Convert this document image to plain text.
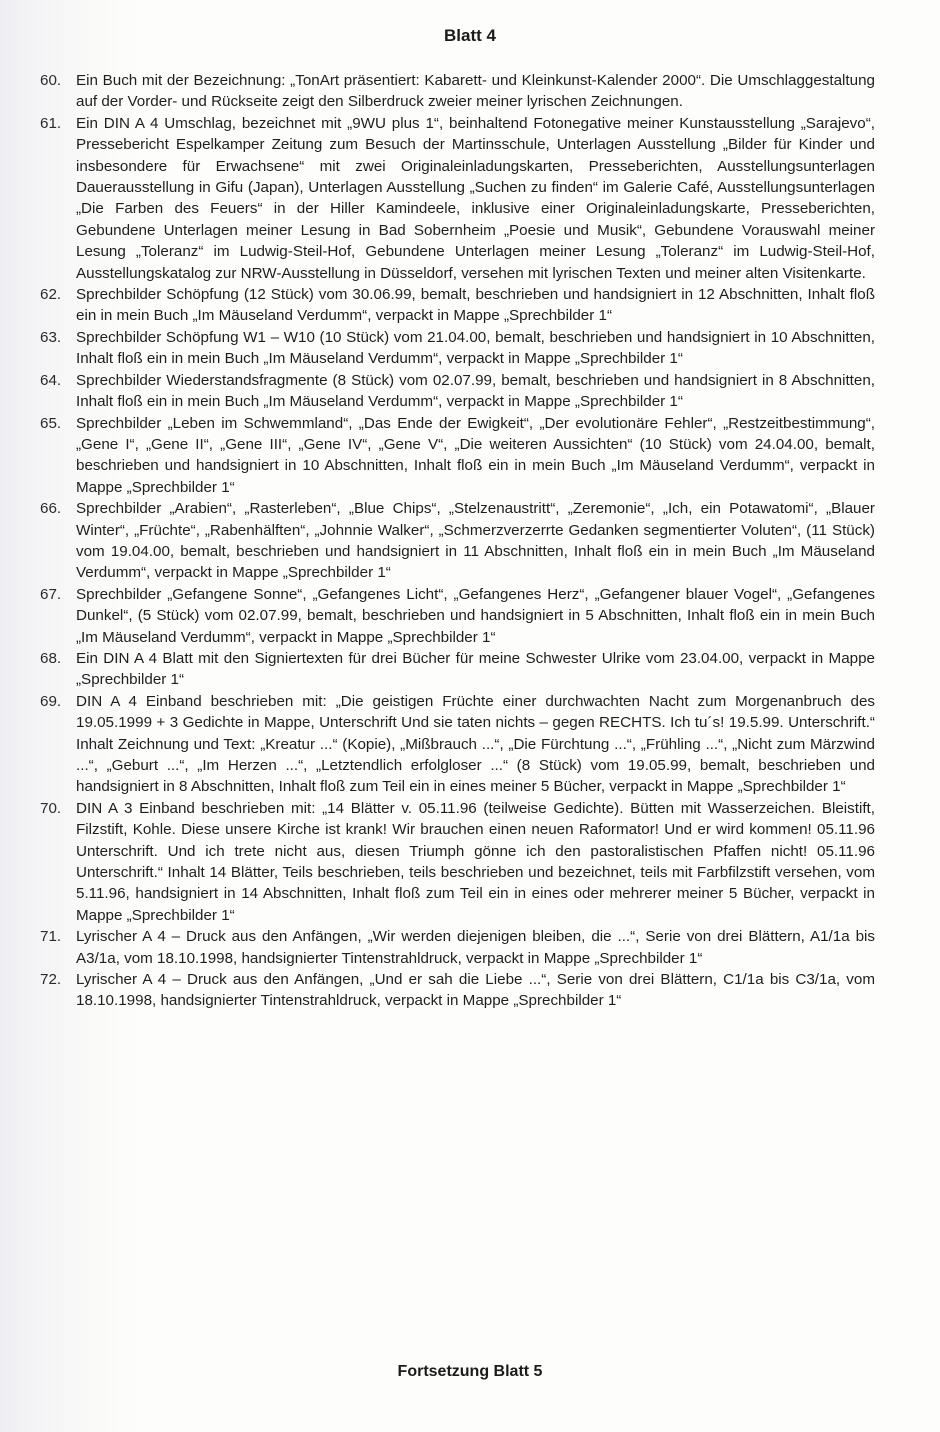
Blatt 4
60. Ein Buch mit der Bezeichnung: „TonArt präsentiert: Kabarett- und Kleinkunst-Kalender 2000“. Die Umschlaggestaltung auf der Vorder- und Rückseite zeigt den Silberdruck zweier meiner lyrischen Zeichnungen.
61. Ein DIN A 4 Umschlag, bezeichnet mit „9WU plus 1“, beinhaltend Fotonegative meiner Kunstausstellung „Sarajevo“, Pressebericht Espelkamper Zeitung zum Besuch der Martinsschule, Unterlagen Ausstellung „Bilder für Kinder und insbesondere für Erwachsene“ mit zwei Originaleinladungskarten, Presseberichten, Ausstellungsunterlagen Dauerausstellung in Gifu (Japan), Unterlagen Ausstellung „Suchen zu finden“ im Galerie Café, Ausstellungsunterlagen „Die Farben des Feuers“ in der Hiller Kamindeele, inklusive einer Originaleinladungskarte, Presseberichten, Gebundene Unterlagen meiner Lesung in Bad Sobernheim „Poesie und Musik“, Gebundene Vorauswahl meiner Lesung „Toleranz“ im Ludwig-Steil-Hof, Gebundene Unterlagen meiner Lesung „Toleranz“ im Ludwig-Steil-Hof, Ausstellungskatalog zur NRW-Ausstellung in Düsseldorf, versehen mit lyrischen Texten und meiner alten Visitenkarte.
62. Sprechbilder Schöpfung (12 Stück) vom 30.06.99, bemalt, beschrieben und handsigniert in 12 Abschnitten, Inhalt floß ein in mein Buch „Im Mäuseland Verdumm“, verpackt in Mappe „Sprechbilder 1“
63. Sprechbilder Schöpfung W1 – W10 (10 Stück) vom 21.04.00, bemalt, beschrieben und handsigniert in 10 Abschnitten, Inhalt floß ein in mein Buch „Im Mäuseland Verdumm“, verpackt in Mappe „Sprechbilder 1“
64. Sprechbilder Wiederstandsfragmente (8 Stück) vom 02.07.99, bemalt, beschrieben und handsigniert in 8 Abschnitten, Inhalt floß ein in mein Buch „Im Mäuseland Verdumm“, verpackt in Mappe „Sprechbilder 1“
65. Sprechbilder „Leben im Schwemmland“, „Das Ende der Ewigkeit“, „Der evolutionäre Fehler“, „Restzeitbestimmung“, „Gene I“, „Gene II“, „Gene III“, „Gene IV“, „Gene V“, „Die weiteren Aussichten“ (10 Stück) vom 24.04.00, bemalt, beschrieben und handsigniert in 10 Abschnitten, Inhalt floß ein in mein Buch „Im Mäuseland Verdumm“, verpackt in Mappe „Sprechbilder 1“
66. Sprechbilder „Arabien“, „Rasterleben“, „Blue Chips“, „Stelzenaustritt“, „Zeremonie“, „Ich, ein Potawatomi“, „Blauer Winter“, „Früchte“, „Rabenhälften“, „Johnnie Walker“, „Schmerzverzerrte Gedanken segmentierter Voluten“, (11 Stück) vom 19.04.00, bemalt, beschrieben und handsigniert in 11 Abschnitten, Inhalt floß ein in mein Buch „Im Mäuseland Verdumm“, verpackt in Mappe „Sprechbilder 1“
67. Sprechbilder „Gefangene Sonne“, „Gefangenes Licht“, „Gefangenes Herz“, „Gefangener blauer Vogel“, „Gefangenes Dunkel“, (5 Stück) vom 02.07.99, bemalt, beschrieben und handsigniert in 5 Abschnitten, Inhalt floß ein in mein Buch „Im Mäuseland Verdumm“, verpackt in Mappe „Sprechbilder 1“
68. Ein DIN A 4 Blatt mit den Signiertexten für drei Bücher für meine Schwester Ulrike vom 23.04.00, verpackt in Mappe „Sprechbilder 1“
69. DIN A 4 Einband beschrieben mit: „Die geistigen Früchte einer durchwachten Nacht zum Morgenanbruch des 19.05.1999 + 3 Gedichte in Mappe, Unterschrift Und sie taten nichts – gegen RECHTS. Ich tu´s! 19.5.99. Unterschrift.“ Inhalt Zeichnung und Text: „Kreatur ...“ (Kopie), „Mißbrauch ...“, „Die Fürchtung ...“, „Frühling ...“, „Nicht zum Märzwind ...“, „Geburt ...“, „Im Herzen ...“, „Letztendlich erfolgloser ...“ (8 Stück) vom 19.05.99, bemalt, beschrieben und handsigniert in 8 Abschnitten, Inhalt floß zum Teil ein in eines meiner 5 Bücher, verpackt in Mappe „Sprechbilder 1“
70. DIN A 3 Einband beschrieben mit: „14 Blätter v. 05.11.96 (teilweise Gedichte). Bütten mit Wasserzeichen. Bleistift, Filzstift, Kohle. Diese unsere Kirche ist krank! Wir brauchen einen neuen Raformator! Und er wird kommen! 05.11.96 Unterschrift. Und ich trete nicht aus, diesen Triumph gönne ich den pastoralistischen Pfaffen nicht! 05.11.96 Unterschrift.“ Inhalt 14 Blätter, Teils beschrieben, teils beschrieben und bezeichnet, teils mit Farbfilzstift versehen, vom 5.11.96, handsigniert in 14 Abschnitten, Inhalt floß zum Teil ein in eines oder mehrerer meiner 5 Bücher, verpackt in Mappe „Sprechbilder 1“
71. Lyrischer A 4 – Druck aus den Anfängen, „Wir werden diejenigen bleiben, die ...“, Serie von drei Blättern, A1/1a bis A3/1a, vom 18.10.1998, handsignierter Tintenstrahldruck, verpackt in Mappe „Sprechbilder 1“
72. Lyrischer A 4 – Druck aus den Anfängen, „Und er sah die Liebe ...“, Serie von drei Blättern, C1/1a bis C3/1a, vom 18.10.1998, handsignierter Tintenstrahldruck, verpackt in Mappe „Sprechbilder 1“
Fortsetzung Blatt 5
